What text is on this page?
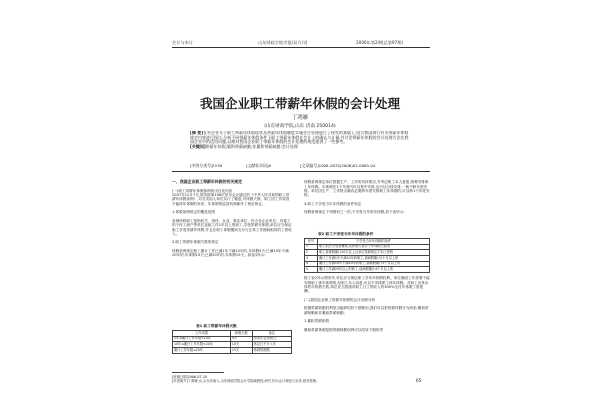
会计与审计	山东财政学院学报(双月刊)	2006年第2期(总第97期)
我国企业职工带薪年休假的会计处理
丁鸿雁
(山东财政学院,山东 济南 250014)
[摘 要]在对企业关于职工带薪年休假现状及带薪年休假制度实施会计处理进行了探究的基础上,结合我国现行有关带薪年休假规定内容进行探讨,分析不同带薪年休假条件下职工带薪年休假在会计上的确认与计量,并讨论带薪年休假的会计处理方法在我国企业中的适用问题,以期对我国企业职工带薪年休假的会计处理的规范提供了一些参考。
[关键词]带薪年休假;累积带薪缺勤;非累积带薪缺勤;会计处理
[中图分类号]F230	[文献标识码]A	[文章编号]1008-2670(2006)02-0065-04

一、我国企业职工带薪年休假的有关规定

(一)职工带薪年休假条例的出台及内容
2007年12月7日,国务院第198次常务会议通过的《中华人民共和国职工带薪年休假条例》,对各类用人单位实行了覆盖,对休假天数、职工因工作原因不能休年休假的补偿、年休假的监管机制都作了相应规定。

1.休假条例规定的覆盖范围

条例所称职工是指机关、团体、企业、事业单位、民办非企业单位、有雇工的个体工商户等单位连续工作1年以上的职工,享受带薪年休假,单位应当保证职工享受带薪年休假,并且在职工休假期间支付与正常工作期间相同的工资收入。

2.职工带薪年休假天数的规定

休假条例规定职工累计工作已满1年不满10年的,年休假5天;已满10年不满20年的,年休假10天;已满20年的,年休假15天。如表1所示:

表1 职工带薪年休假天数
工作年限	休假天数	备注
1年≤累计工作年限<10年	5天	国家法定休假日、
10年≤累计工作年限<20年	10天	休息日不计入年
累计工作年限≥20年	15天	休假的假期
[收稿日期]2006-07-20
[作者简介]丁鸿雁,女,山东济南人,山东财政学院会计学院副教授,研究方向:会计理论与实务,财务管理。

休假条例规定单位根据生产、工作的具体情况,并考虑职工本人意愿,统筹安排职工年休假。年休假在1个年度内可以集中安排,也可以分段安排,一般不跨年度安排。单位因生产、工作特点确有必要跨年度安排职工年休假的,可以跨1个年度安排。

3.职工不享受当年年休假的条件规定

休假条例规定下列情形之一的,不享受当年的年休假,如下表所示:

表2 职工不享受当年年休假的条件
序号	不享受当年年休假的条件
1	职工依法享受寒暑假,其休假天数多于年休假天数的
2	职工请事假累计20天以上且单位按照规定不扣工资的
3	累计工作满1年不满10年的职工,请病假累计2个月以上的
4	累计工作满10年不满20年的职工,请病假累计3个月以上的
5	累计工作满20年以上的职工,请病假累计4个月以上的

除了表2所示情形外,单位应当保证职工享有年休假权利。单位确因工作需要不能安排职工休年休假的,经职工本人同意,可以不安排职工休年休假。对职工应休未休的年休假天数,单位应当按照该职工日工资收入的300%支付年休假工资报酬。

(二)我国企业职工带薪年休假的会计处理分析

根据带薪缺勤权利是否能够结转下期使用,我们可以把带薪休假分为两类:累积带薪缺勤和非累积带薪缺勤。

1.累积带薪休假

累积带薪休假是指带薪缺勤权利可以结转下期的带

65
